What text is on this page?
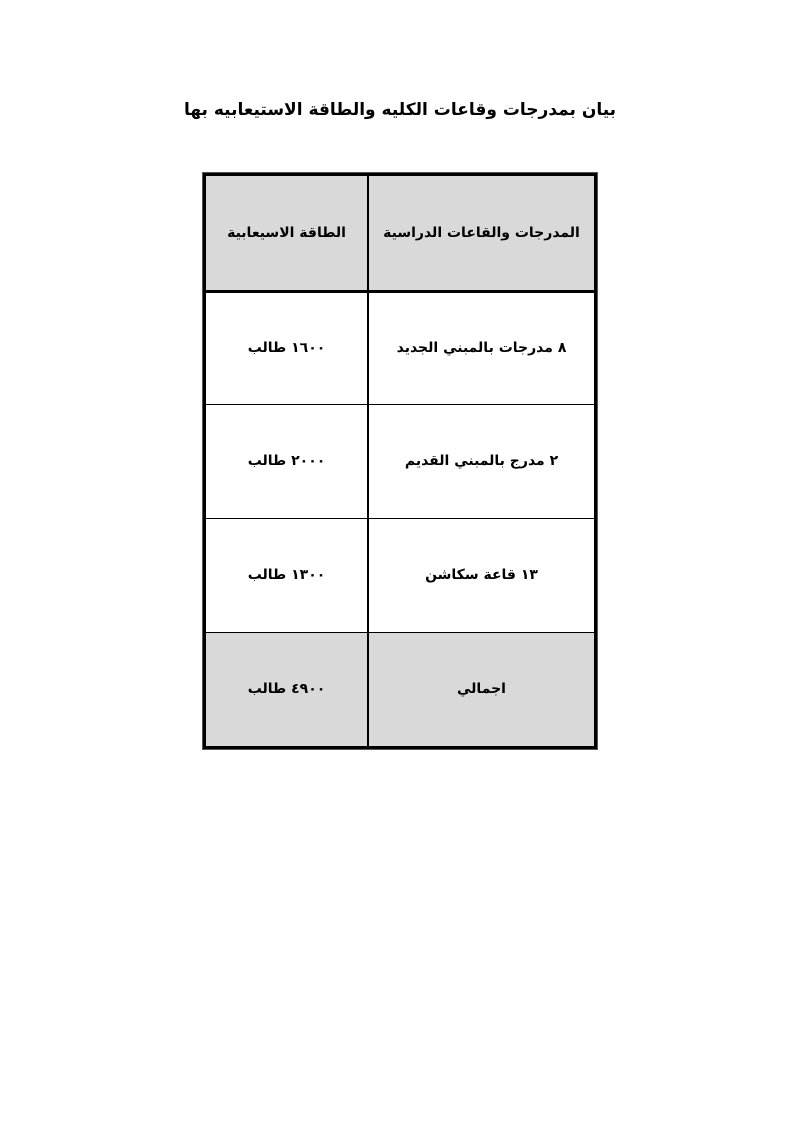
بيان بمدرجات وقاعات الكليه والطاقة الاستيعابيه بها
المدرجات والقاعات الدراسية	الطاقة الاسيعابية
٨ مدرجات بالمبني الجديد	١٦٠٠ طالب
٢ مدرج بالمبني القديم	٢٠٠٠ طالب
١٣ قاعة سكاشن	١٣٠٠ طالب
اجمالي	٤٩٠٠ طالب
